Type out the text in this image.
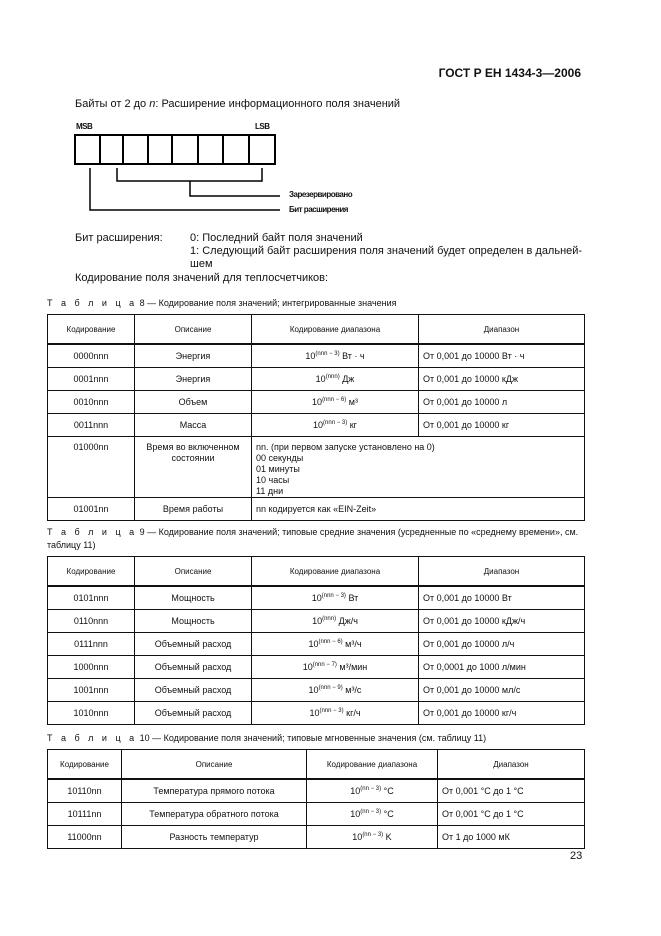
ГОСТ Р ЕН 1434-3—2006
Байты от 2 до n: Расширение информационного поля значений
MSB	LSB
Зарезервировано
Бит расширения
Бит расширения: 0: Последний байт поля значений
1: Следующий байт расширения поля значений будет определен в дальней-
шем
Кодирование поля значений для теплосчетчиков:
Т а б л и ц а 8 — Кодирование поля значений; интегрированные значения
Кодирование	Описание	Кодирование диапазона	Диапазон
0000nnn	Энергия	$10^{(nnn - 3)}$ Вт · ч	От 0,001 до 10000 Вт · ч
0001nnn	Энергия	$10^{(nnn)}$ Дж	От 0,001 до 10000 кДж
0010nnn	Объем	$10^{(nnn - 6)}$ м³	От 0,001 до 10000 л
0011nnn	Масса	$10^{(nnn - 3)}$ кг	От 0,001 до 10000 кг
01000nn	Время во включенном состоянии	nn. (при первом запуске установлено на 0)
00 секунды
01 минуты
10 часы
11 дни	

01001nn	Время работы	nn кодируется как «EIN-Zeit»	
Т а б л и ц а 9 — Кодирование поля значений; типовые средние значения (усредненные по «среднему времени», см. таблицу 11)
Кодирование	Описание	Кодирование диапазона	Диапазон
0101nnn	Мощность	$10^{(nnn - 3)}$ Вт	От 0,001 до 10000 Вт
0110nnn	Мощность	$10^{(nnn)}$ Дж/ч	От 0,001 до 10000 кДж/ч
0111nnn	Объемный расход	$10^{(nnn - 6)}$ м³/ч	От 0,001 до 10000 л/ч
1000nnn	Объемный расход	$10^{(nnn - 7)}$ м³/мин	От 0,0001 до 1000 л/мин
1001nnn	Объемный расход	$10^{(nnn - 9)}$ м³/с	От 0,001 до 10000 мл/с
1010nnn	Объемный расход	$10^{(nnn - 3)}$ кг/ч	От 0,001 до 10000 кг/ч
Т а б л и ц а 10 — Кодирование поля значений; типовые мгновенные значения (см. таблицу 11)
Кодирование	Описание	Кодирование диапазона	Диапазон
10110nn	Температура прямого потока	$10^{(nn - 3)}$ °C	От 0,001 °C до 1 °C
10111nn	Температура обратного потока	$10^{(nn - 3)}$ °C	От 0,001 °C до 1 °C
11000nn	Разность температур	$10^{(nn - 3)}$ K	От 1 до 1000 мК
23
